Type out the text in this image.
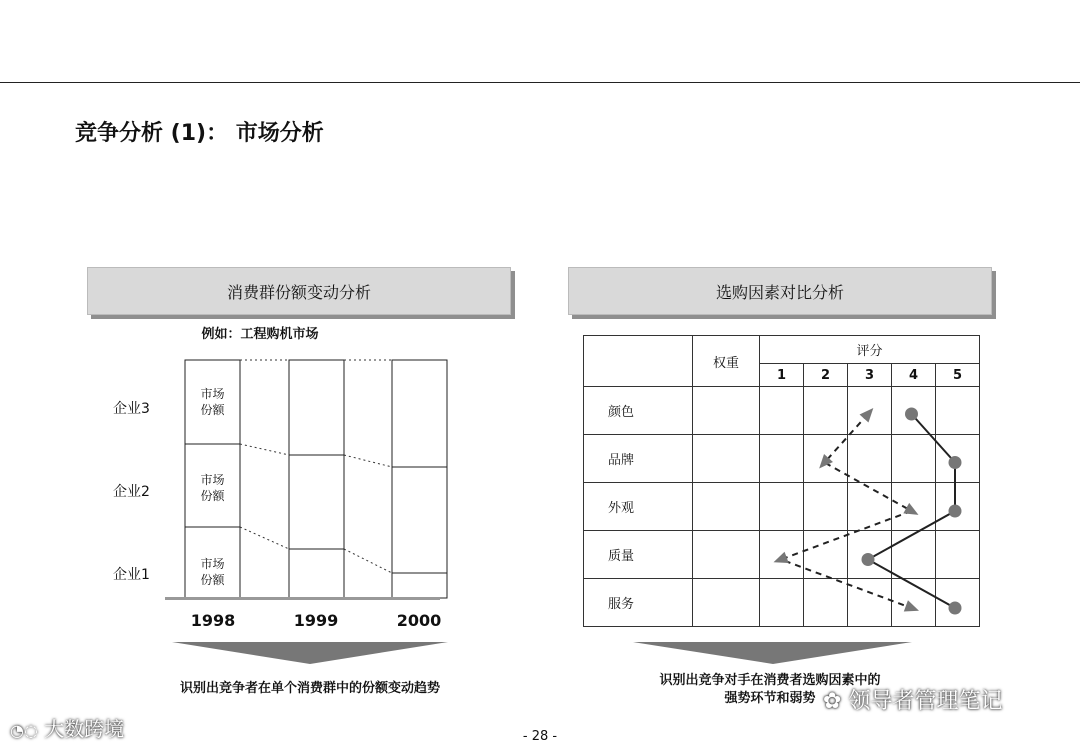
竞争分析 (1)： 市场分析
消费群份额变动分析
例如：工程购机市场
企业3
企业2
企业1
市场份额
市场份额
市场份额
1998	1999	2000
识别出竞争者在单个消费群中的份额变动趋势
选购因素对比分析
	权重	评分				
		1	2	3	4	5
颜色						
品牌						
外观						
质量						
服务						
识别出竞争对手在消费者选购因素中的
强势环节和弱势
◔◌ 大数跨境
✿ 领导者管理笔记
- 28 -
